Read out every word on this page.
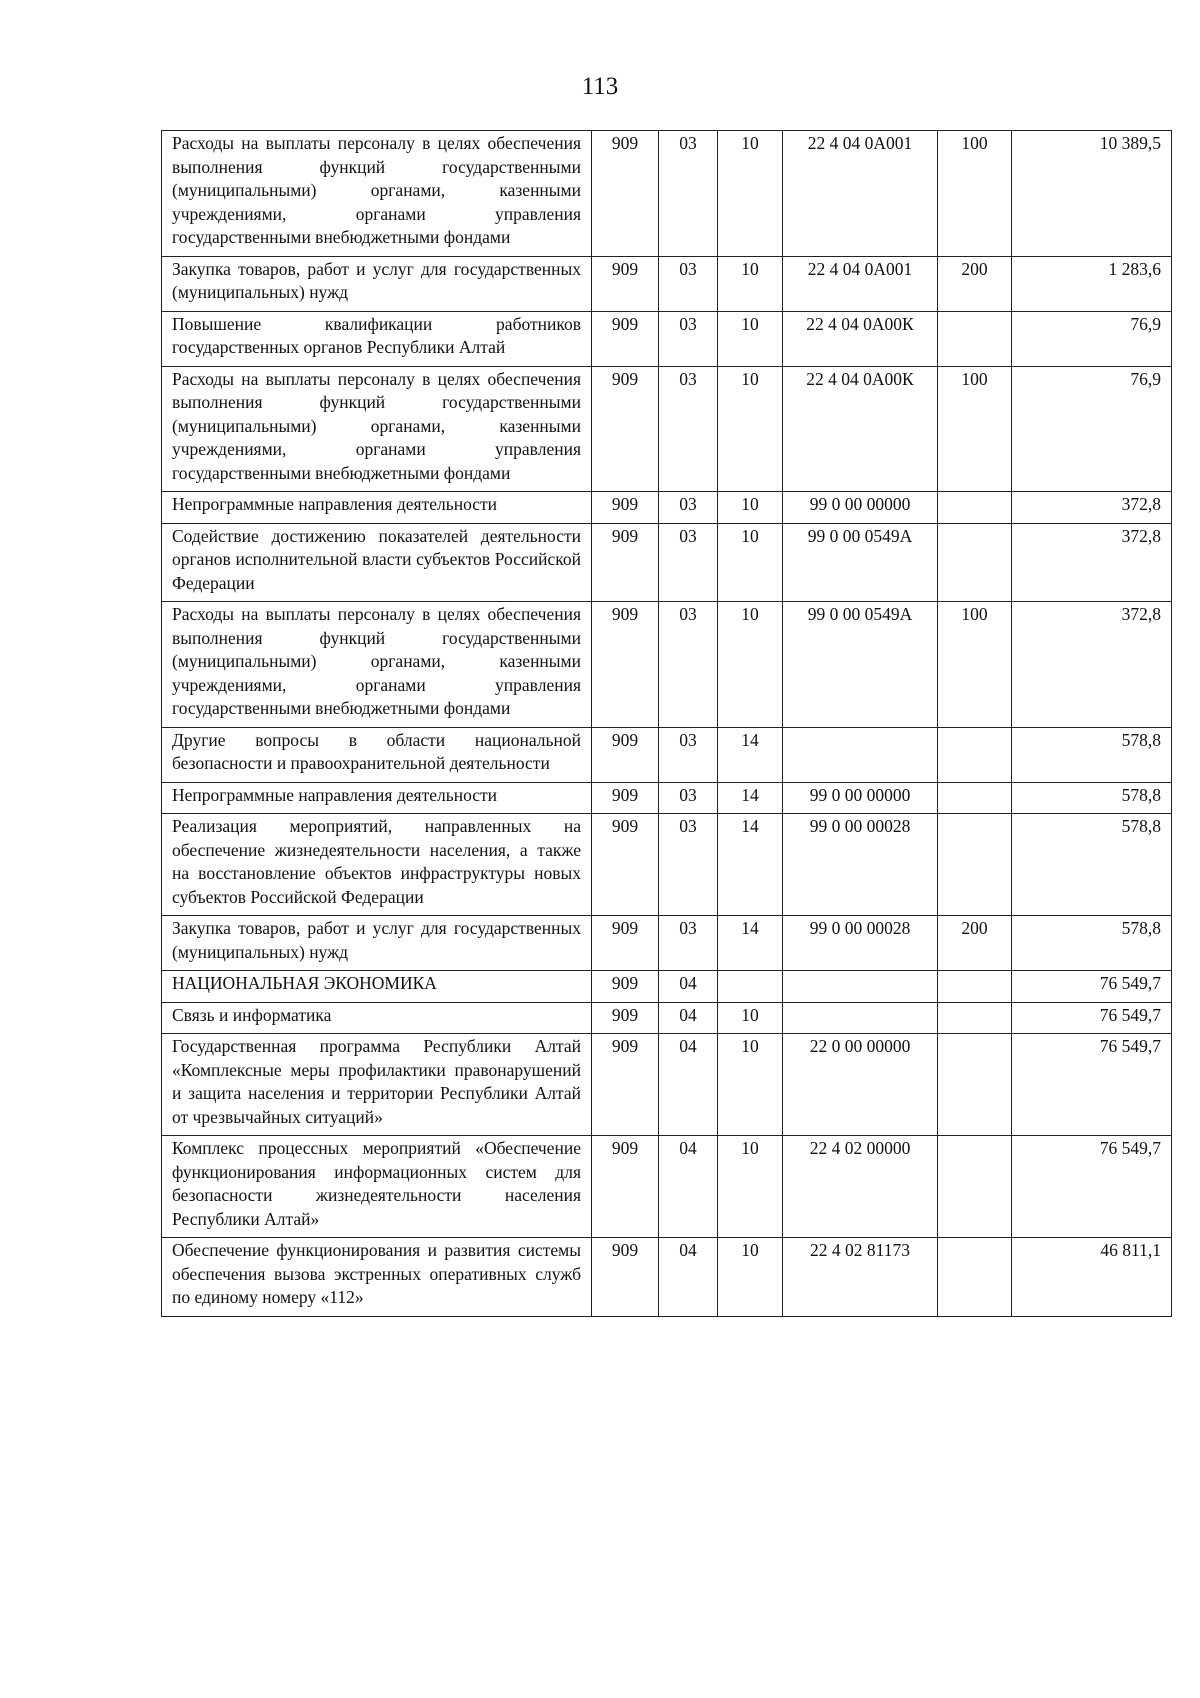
113
Расходы на выплаты персоналу в целях обеспечения выполнения функций государственными (муниципальными) органами, казенными учреждениями, органами управления государственными внебюджетными фондами	909	03	10	22 4 04 0А001	100	10 389,5
Закупка товаров, работ и услуг для государственных (муниципальных) нужд	909	03	10	22 4 04 0А001	200	1 283,6
Повышение квалификации работников государственных органов Республики Алтай	909	03	10	22 4 04 0А00К		76,9
Расходы на выплаты персоналу в целях обеспечения выполнения функций государственными (муниципальными) органами, казенными учреждениями, органами управления государственными внебюджетными фондами	909	03	10	22 4 04 0А00К	100	76,9
Непрограммные направления деятельности	909	03	10	99 0 00 00000		372,8
Содействие достижению показателей деятельности органов исполнительной власти субъектов Российской Федерации	909	03	10	99 0 00 0549А		372,8
Расходы на выплаты персоналу в целях обеспечения выполнения функций государственными (муниципальными) органами, казенными учреждениями, органами управления государственными внебюджетными фондами	909	03	10	99 0 00 0549А	100	372,8
Другие вопросы в области национальной безопасности и правоохранительной деятельности	909	03	14			578,8
Непрограммные направления деятельности	909	03	14	99 0 00 00000		578,8
Реализация мероприятий, направленных на обеспечение жизнедеятельности населения, а также на восстановление объектов инфраструктуры новых субъектов Российской Федерации	909	03	14	99 0 00 00028		578,8
Закупка товаров, работ и услуг для государственных (муниципальных) нужд	909	03	14	99 0 00 00028	200	578,8
НАЦИОНАЛЬНАЯ ЭКОНОМИКА	909	04				76 549,7
Связь и информатика	909	04	10			76 549,7
Государственная программа Республики Алтай «Комплексные меры профилактики правонарушений и защита населения и территории Республики Алтай от чрезвычайных ситуаций»	909	04	10	22 0 00 00000		76 549,7
Комплекс процессных мероприятий «Обеспечение функционирования информационных систем для безопасности жизнедеятельности населения Республики Алтай»	909	04	10	22 4 02 00000		76 549,7
Обеспечение функционирования и развития системы обеспечения вызова экстренных оперативных служб по единому номеру «112»	909	04	10	22 4 02 81173		46 811,1
